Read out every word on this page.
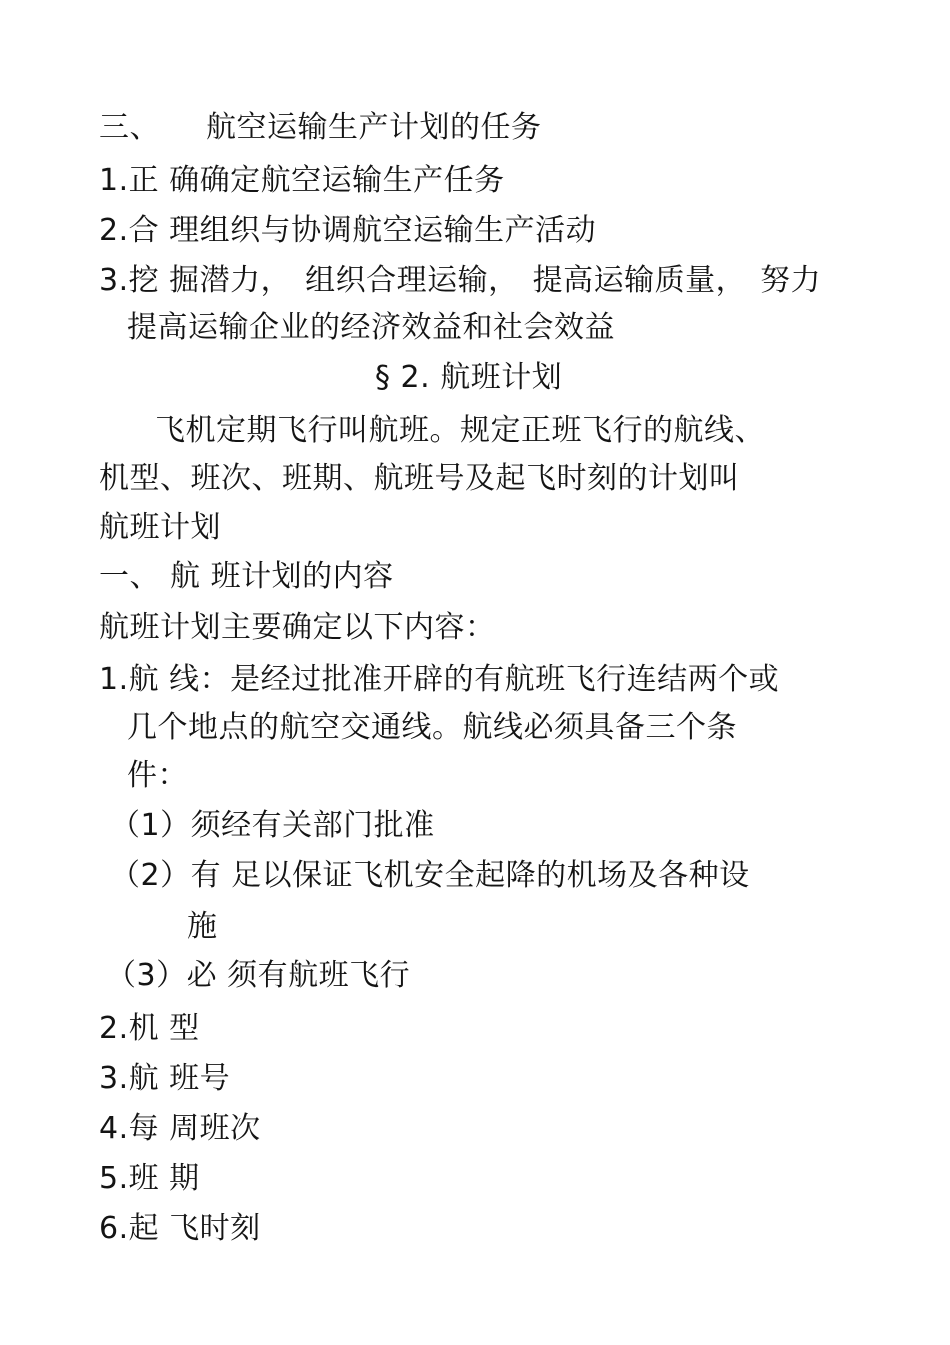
三、 航空运输生产计划的任务
1.正 确确定航空运输生产任务
2.合 理组织与协调航空运输生产活动
3.挖 掘潜力， 组织合理运输， 提高运输质量， 努力
提高运输企业的经济效益和社会效益
§ 2. 航班计划
飞机定期飞行叫航班。规定正班飞行的航线、
机型、班次、班期、航班号及起飞时刻的计划叫
航班计划
一、 航 班计划的内容
航班计划主要确定以下内容：
1.航 线：是经过批准开辟的有航班飞行连结两个或
几个地点的航空交通线。航线必须具备三个条
件：
（1）须经有关部门批准
（2）有 足以保证飞机安全起降的机场及各种设
施
（3）必 须有航班飞行
2.机 型
3.航 班号
4.每 周班次
5.班 期
6.起 飞时刻
